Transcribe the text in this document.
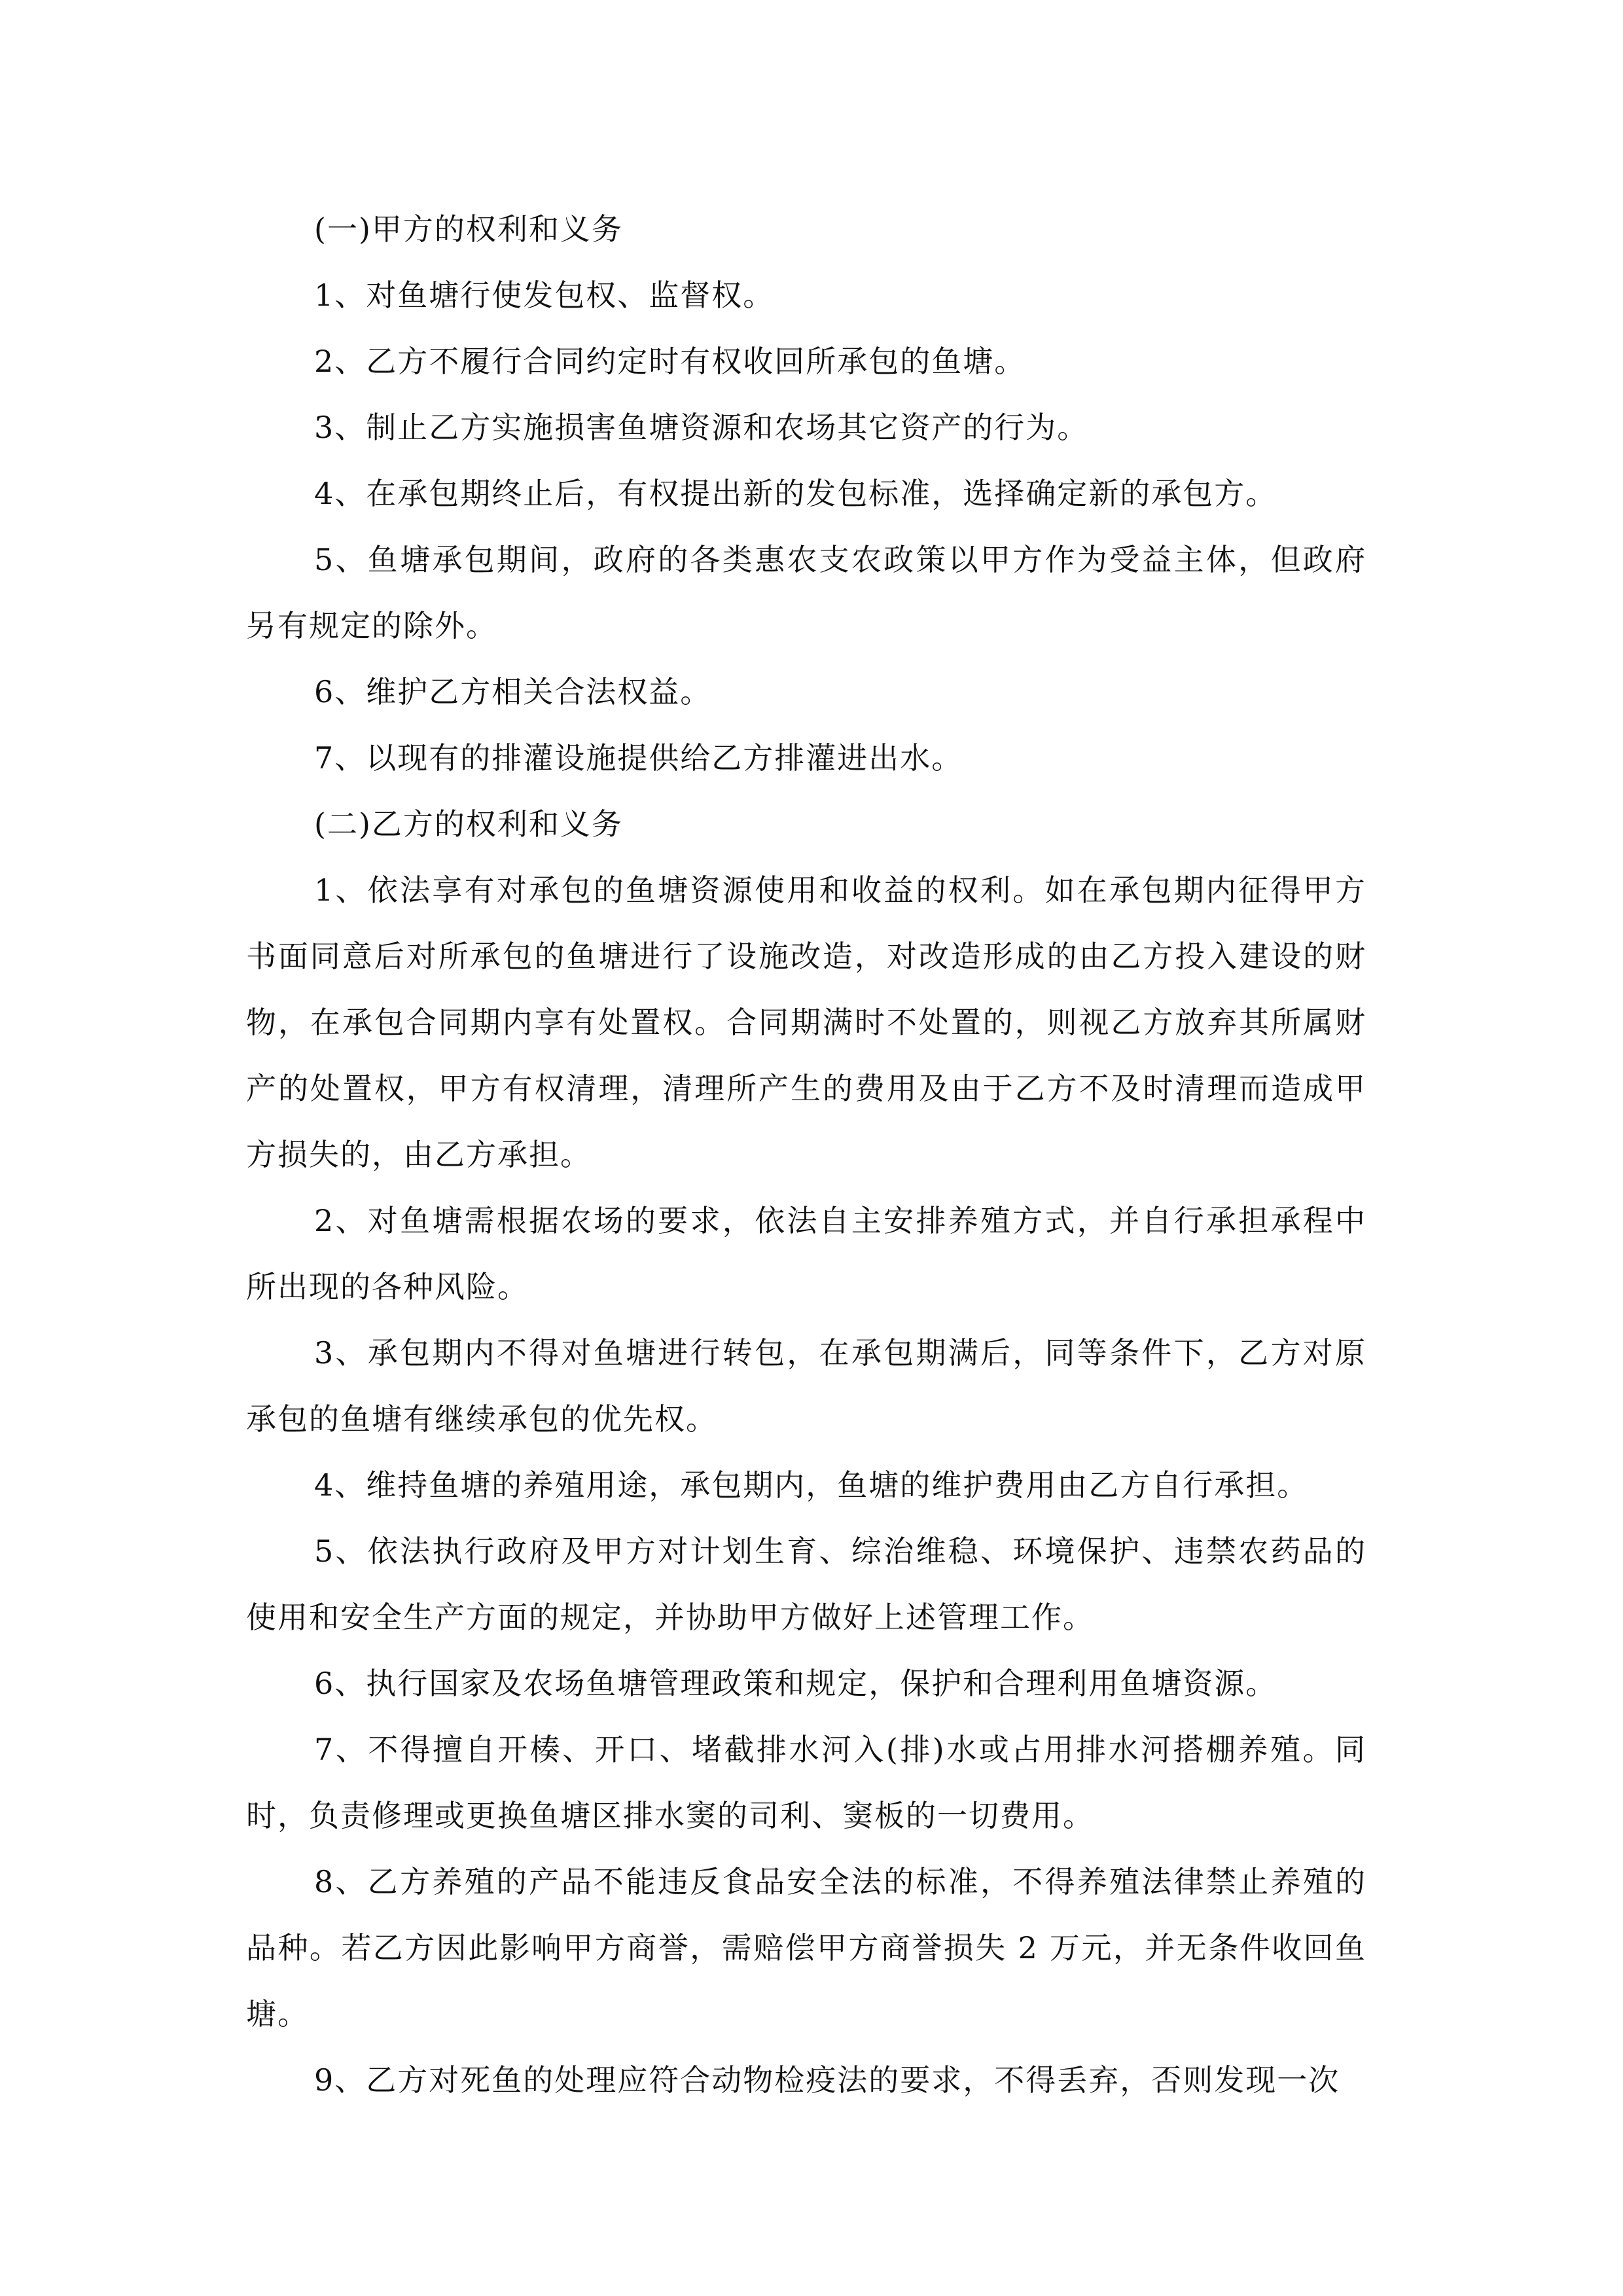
(一)甲方的权利和义务

1、对鱼塘行使发包权、监督权。

2、乙方不履行合同约定时有权收回所承包的鱼塘。

3、制止乙方实施损害鱼塘资源和农场其它资产的行为。

4、在承包期终止后，有权提出新的发包标准，选择确定新的承包方。

5、鱼塘承包期间，政府的各类惠农支农政策以甲方作为受益主体，但政府另有规定的除外。

6、维护乙方相关合法权益。

7、以现有的排灌设施提供给乙方排灌进出水。

(二)乙方的权利和义务

1、依法享有对承包的鱼塘资源使用和收益的权利。如在承包期内征得甲方书面同意后对所承包的鱼塘进行了设施改造，对改造形成的由乙方投入建设的财物，在承包合同期内享有处置权。合同期满时不处置的，则视乙方放弃其所属财产的处置权，甲方有权清理，清理所产生的费用及由于乙方不及时清理而造成甲方损失的，由乙方承担。

2、对鱼塘需根据农场的要求，依法自主安排养殖方式，并自行承担承程中所出现的各种风险。

3、承包期内不得对鱼塘进行转包，在承包期满后，同等条件下，乙方对原承包的鱼塘有继续承包的优先权。

4、维持鱼塘的养殖用途，承包期内，鱼塘的维护费用由乙方自行承担。

5、依法执行政府及甲方对计划生育、综治维稳、环境保护、违禁农药品的使用和安全生产方面的规定，并协助甲方做好上述管理工作。

6、执行国家及农场鱼塘管理政策和规定，保护和合理利用鱼塘资源。

7、不得擅自开楱、开口、堵截排水河入(排)水或占用排水河搭棚养殖。同时，负责修理或更换鱼塘区排水窦的司利、窦板的一切费用。

8、乙方养殖的产品不能违反食品安全法的标准，不得养殖法律禁止养殖的品种。若乙方因此影响甲方商誉，需赔偿甲方商誉损失 2 万元，并无条件收回鱼塘。

9、乙方对死鱼的处理应符合动物检疫法的要求，不得丢弃，否则发现一次
